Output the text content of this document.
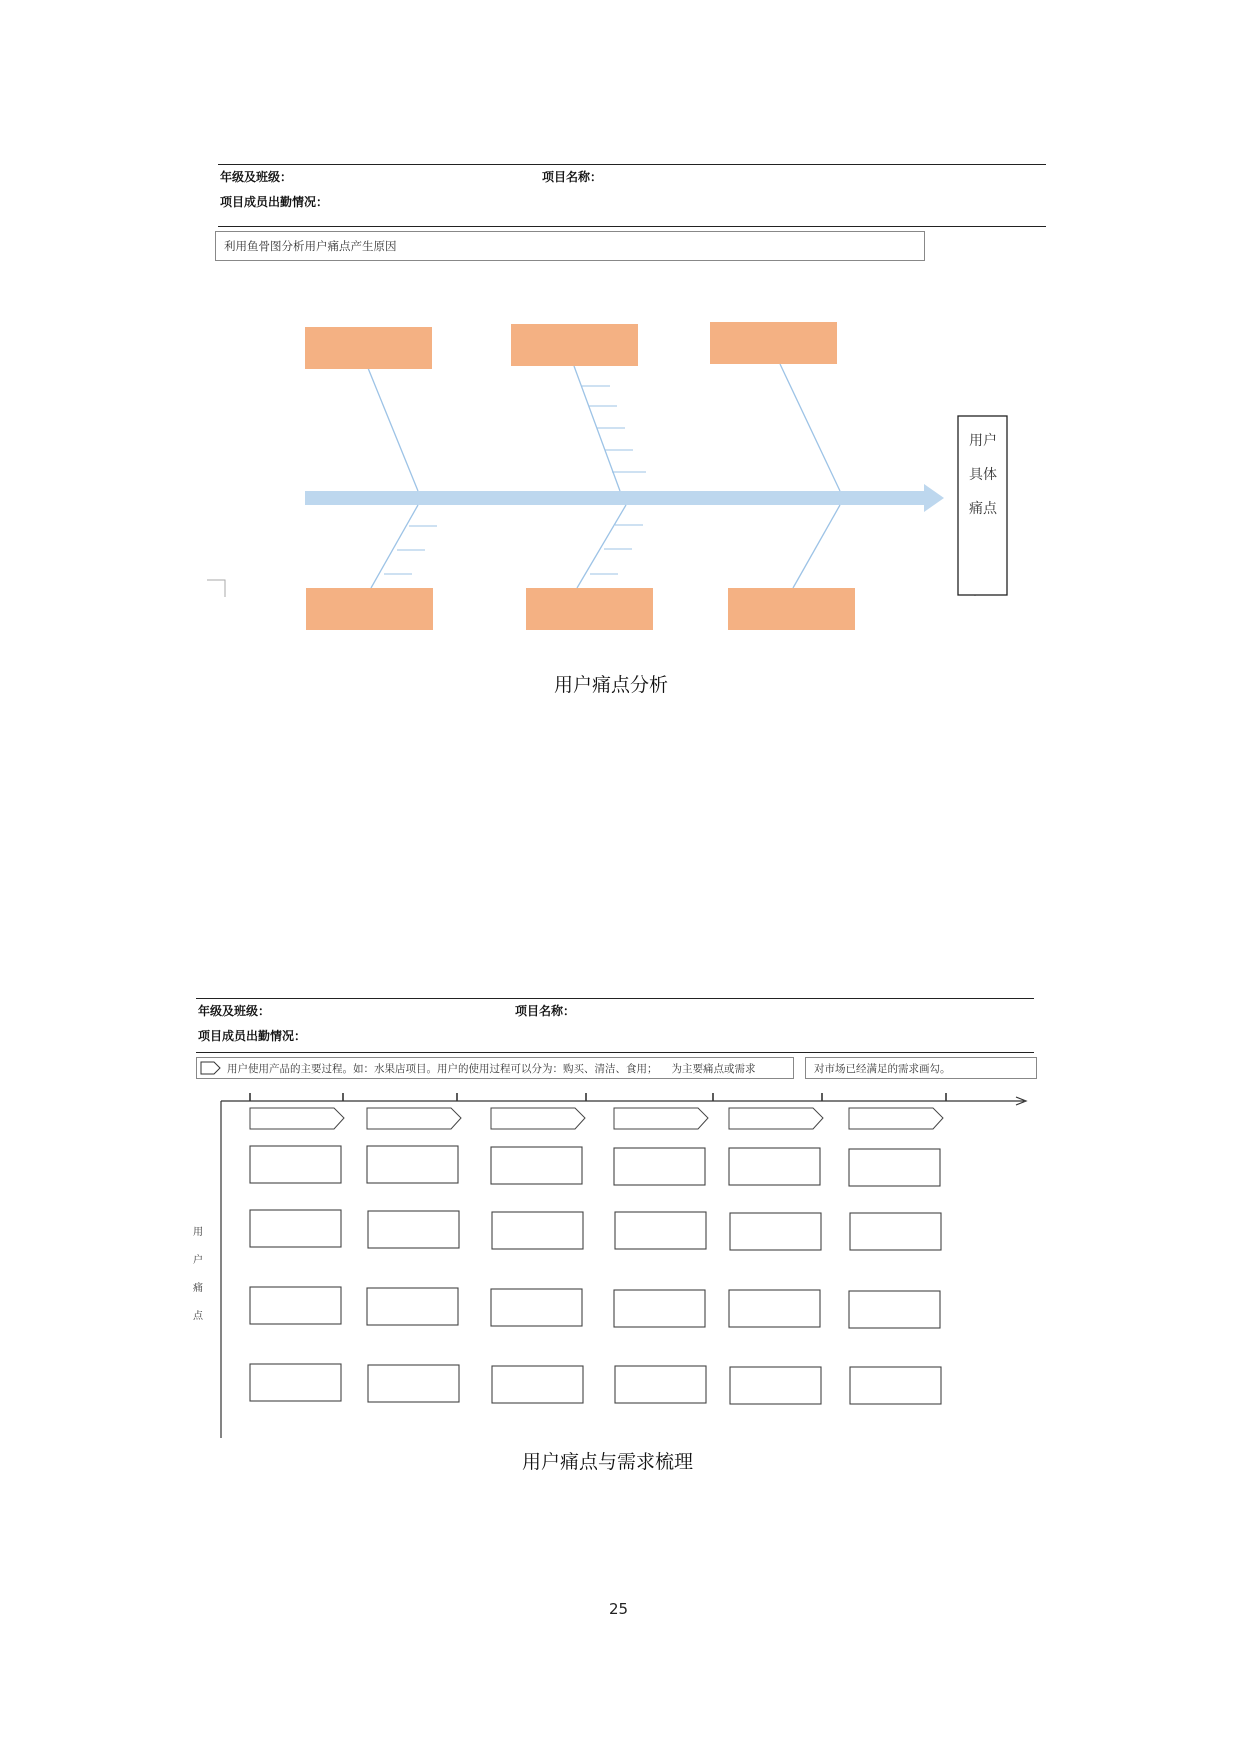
年级及班级：	项目名称：
项目成员出勤情况：
利用鱼骨图分析用户痛点产生原因
用户
具体
痛点
用户痛点分析
年级及班级：	项目名称：
项目成员出勤情况：
用户使用产品的主要过程。如：水果店项目。用户的使用过程可以分为：购买、清洁、食用； 为主要痛点或需求	对市场已经满足的需求画勾。
用
户
痛
点
用户痛点与需求梳理
25
